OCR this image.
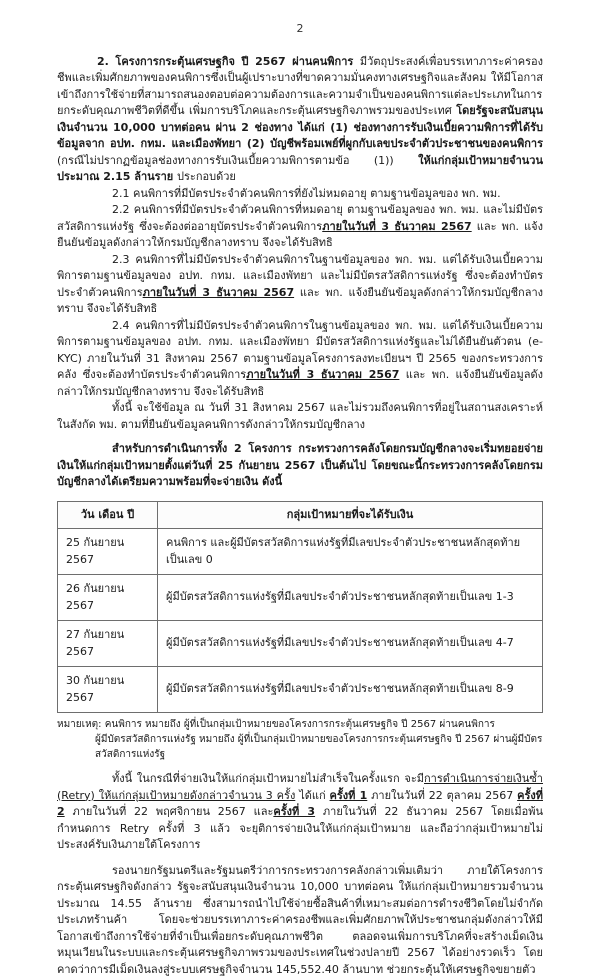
2

2. โครงการกระตุ้นเศรษฐกิจ ปี 2567 ผ่านคนพิการ มีวัตถุประสงค์เพื่อบรรเทาภาระค่าครองชีพและเพิ่มศักยภาพของคนพิการซึ่งเป็นผู้เปราะบางที่ขาดความมั่นคงทางเศรษฐกิจและสังคม ให้มีโอกาสเข้าถึงการใช้จ่ายที่สามารถสนองตอบต่อความต้องการและความจำเป็นของคนพิการแต่ละประเภทในการยกระดับคุณภาพชีวิตที่ดีขึ้น เพิ่มการบริโภคและกระตุ้นเศรษฐกิจภาพรวมของประเทศ โดยรัฐจะสนับสนุนเงินจำนวน 10,000 บาทต่อคน ผ่าน 2 ช่องทาง ได้แก่ (1) ช่องทางการรับเงินเบี้ยความพิการที่ได้รับข้อมูลจาก อปท. กทม. และเมืองพัทยา (2) บัญชีพร้อมเพย์ที่ผูกกับเลขประจำตัวประชาชนของคนพิการ (กรณีไม่ปรากฏข้อมูลช่องทางการรับเงินเบี้ยความพิการตามข้อ (1)) ให้แก่กลุ่มเป้าหมายจำนวนประมาณ 2.15 ล้านราย ประกอบด้วย

2.1 คนพิการที่มีบัตรประจำตัวคนพิการที่ยังไม่หมดอายุ ตามฐานข้อมูลของ พก. พม.

2.2 คนพิการที่มีบัตรประจำตัวคนพิการที่หมดอายุ ตามฐานข้อมูลของ พก. พม. และไม่มีบัตรสวัสดิการแห่งรัฐ ซึ่งจะต้องต่ออายุบัตรประจำตัวคนพิการภายในวันที่ 3 ธันวาคม 2567 และ พก. แจ้งยืนยันข้อมูลดังกล่าวให้กรมบัญชีกลางทราบ จึงจะได้รับสิทธิ

2.3 คนพิการที่ไม่มีบัตรประจำตัวคนพิการในฐานข้อมูลของ พก. พม. แต่ได้รับเงินเบี้ยความพิการตามฐานข้อมูลของ อปท. กทม. และเมืองพัทยา และไม่มีบัตรสวัสดิการแห่งรัฐ ซึ่งจะต้องทำบัตรประจำตัวคนพิการภายในวันที่ 3 ธันวาคม 2567 และ พก. แจ้งยืนยันข้อมูลดังกล่าวให้กรมบัญชีกลางทราบ จึงจะได้รับสิทธิ

2.4 คนพิการที่ไม่มีบัตรประจำตัวคนพิการในฐานข้อมูลของ พก. พม. แต่ได้รับเงินเบี้ยความพิการตามฐานข้อมูลของ อปท. กทม. และเมืองพัทยา มีบัตรสวัสดิการแห่งรัฐและไม่ได้ยืนยันตัวตน (e-KYC) ภายในวันที่ 31 สิงหาคม 2567 ตามฐานข้อมูลโครงการลงทะเบียนฯ ปี 2565 ของกระทรวงการคลัง ซึ่งจะต้องทำบัตรประจำตัวคนพิการภายในวันที่ 3 ธันวาคม 2567 และ พก. แจ้งยืนยันข้อมูลดังกล่าวให้กรมบัญชีกลางทราบ จึงจะได้รับสิทธิ

ทั้งนี้ จะใช้ข้อมูล ณ วันที่ 31 สิงหาคม 2567 และไม่รวมถึงคนพิการที่อยู่ในสถานสงเคราะห์ในสังกัด พม. ตามที่ยืนยันข้อมูลคนพิการดังกล่าวให้กรมบัญชีกลาง

สำหรับการดำเนินการทั้ง 2 โครงการ กระทรวงการคลังโดยกรมบัญชีกลางจะเริ่มทยอยจ่ายเงินให้แก่กลุ่มเป้าหมายตั้งแต่วันที่ 25 กันยายน 2567 เป็นต้นไป โดยขณะนี้กระทรวงการคลังโดยกรมบัญชีกลางได้เตรียมความพร้อมที่จะจ่ายเงิน ดังนี้

วัน เดือน ปี	กลุ่มเป้าหมายที่จะได้รับเงิน
25 กันยายน 2567	คนพิการ และผู้มีบัตรสวัสดิการแห่งรัฐที่มีเลขประจำตัวประชาชนหลักสุดท้ายเป็นเลข 0
26 กันยายน 2567	ผู้มีบัตรสวัสดิการแห่งรัฐที่มีเลขประจำตัวประชาชนหลักสุดท้ายเป็นเลข 1-3
27 กันยายน 2567	ผู้มีบัตรสวัสดิการแห่งรัฐที่มีเลขประจำตัวประชาชนหลักสุดท้ายเป็นเลข 4-7
30 กันยายน 2567	ผู้มีบัตรสวัสดิการแห่งรัฐที่มีเลขประจำตัวประชาชนหลักสุดท้ายเป็นเลข 8-9
หมายเหตุ: คนพิการ หมายถึง ผู้ที่เป็นกลุ่มเป้าหมายของโครงการกระตุ้นเศรษฐกิจ ปี 2567 ผ่านคนพิการ
ผู้มีบัตรสวัสดิการแห่งรัฐ หมายถึง ผู้ที่เป็นกลุ่มเป้าหมายของโครงการกระตุ้นเศรษฐกิจ ปี 2567 ผ่านผู้มีบัตรสวัสดิการแห่งรัฐ

ทั้งนี้ ในกรณีที่จ่ายเงินให้แก่กลุ่มเป้าหมายไม่สำเร็จในครั้งแรก จะมีการดำเนินการจ่ายเงินซ้ำ (Retry) ให้แก่กลุ่มเป้าหมายดังกล่าวจำนวน 3 ครั้ง ได้แก่ ครั้งที่ 1 ภายในวันที่ 22 ตุลาคม 2567 ครั้งที่ 2 ภายในวันที่ 22 พฤศจิกายน 2567 และครั้งที่ 3 ภายในวันที่ 22 ธันวาคม 2567 โดยเมื่อพ้นกำหนดการ Retry ครั้งที่ 3 แล้ว จะยุติการจ่ายเงินให้แก่กลุ่มเป้าหมาย และถือว่ากลุ่มเป้าหมายไม่ประสงค์รับเงินภายใต้โครงการ

รองนายกรัฐมนตรีและรัฐมนตรีว่าการกระทรวงการคลังกล่าวเพิ่มเติมว่า ภายใต้โครงการกระตุ้นเศรษฐกิจดังกล่าว รัฐจะสนับสนุนเงินจำนวน 10,000 บาทต่อคน ให้แก่กลุ่มเป้าหมายรวมจำนวนประมาณ 14.55 ล้านราย ซึ่งสามารถนำไปใช้จ่ายซื้อสินค้าที่เหมาะสมต่อการดำรงชีวิตโดยไม่จำกัดประเภทร้านค้า โดยจะช่วยบรรเทาภาระค่าครองชีพและเพิ่มศักยภาพให้ประชาชนกลุ่มดังกล่าวให้มีโอกาสเข้าถึงการใช้จ่ายที่จำเป็นเพื่อยกระดับคุณภาพชีวิต ตลอดจนเพิ่มการบริโภคที่จะสร้างเม็ดเงินหมุนเวียนในระบบและกระตุ้นเศรษฐกิจภาพรวมของประเทศในช่วงปลายปี 2567 ได้อย่างรวดเร็ว โดยคาดว่าการมีเม็ดเงินลงสู่ระบบเศรษฐกิจจำนวน 145,552.40 ล้านบาท ช่วยกระตุ้นให้เศรษฐกิจขยายตัว
